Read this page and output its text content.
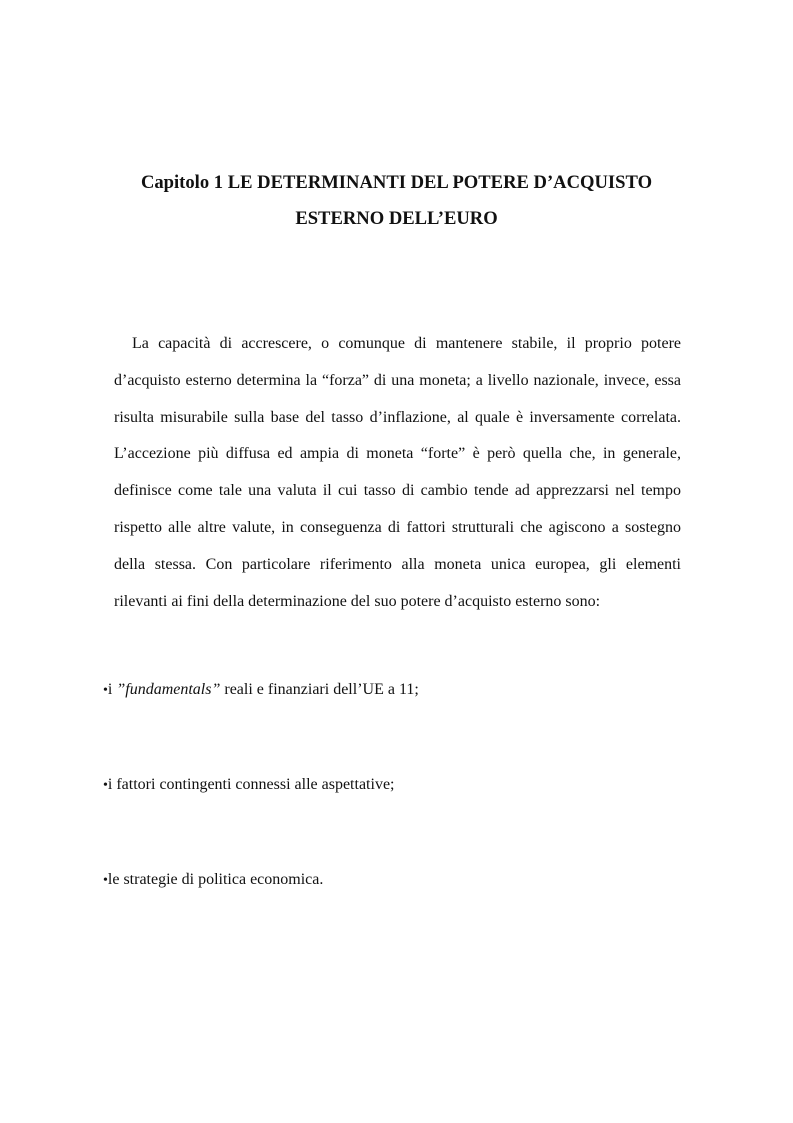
Capitolo 1 LE DETERMINANTI DEL POTERE D’ACQUISTO
ESTERNO DELL’EURO

La capacità di accrescere, o comunque di mantenere stabile, il proprio potere d’acquisto esterno determina la “forza” di una moneta; a livello nazionale, invece, essa risulta misurabile sulla base del tasso d’inflazione, al quale è inversamente correlata. L’accezione più diffusa ed ampia di moneta “forte” è però quella che, in generale, definisce come tale una valuta il cui tasso di cambio tende ad apprezzarsi nel tempo rispetto alle altre valute, in conseguenza di fattori strutturali che agiscono a sostegno della stessa. Con particolare riferimento alla moneta unica europea, gli elementi rilevanti ai fini della determinazione del suo potere d’acquisto esterno sono:

•i ”fundamentals” reali e finanziari dell’UE a 11;
•i fattori contingenti connessi alle aspettative;
•le strategie di politica economica.
